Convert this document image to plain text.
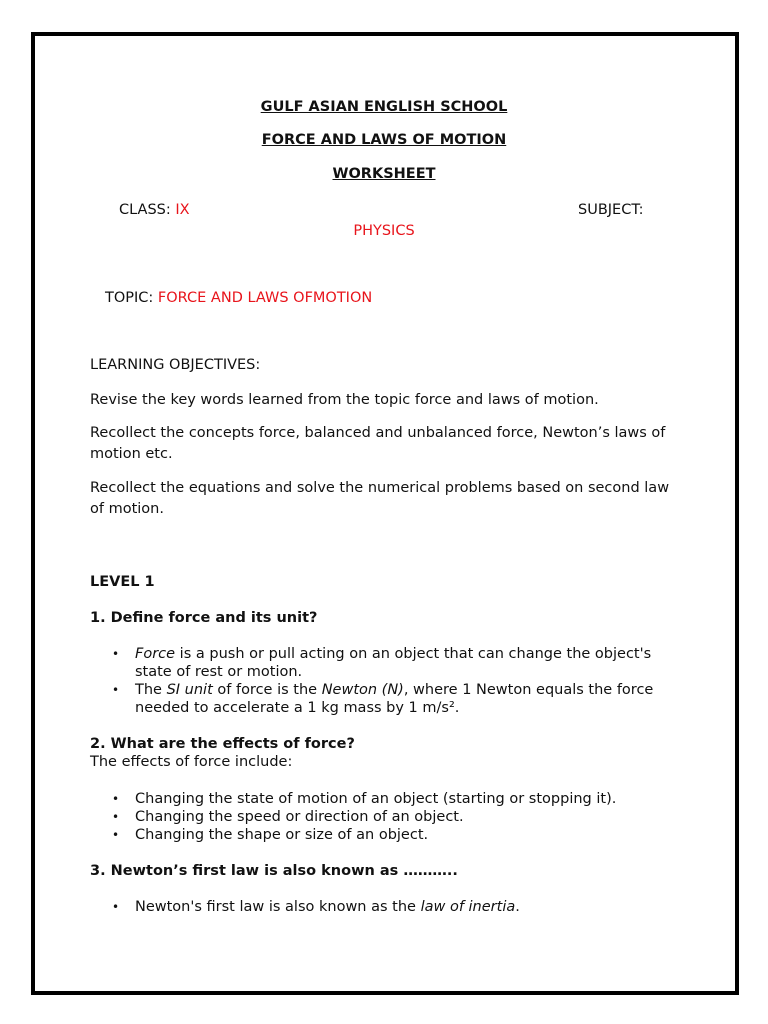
GULF ASIAN ENGLISH SCHOOL
FORCE AND LAWS OF MOTION
WORKSHEET
CLASS: IX	SUBJECT:
PHYSICS
TOPIC: FORCE AND LAWS OFMOTION
LEARNING OBJECTIVES:
Revise the key words learned from the topic force and laws of motion.
Recollect the concepts force, balanced and unbalanced force, Newton’s laws of motion etc.
Recollect the equations and solve the numerical problems based on second law of motion.
LEVEL 1
1. Define force and its unit?
• Force is a push or pull acting on an object that can change the object's state of rest or motion.
• The SI unit of force is the Newton (N), where 1 Newton equals the force needed to accelerate a 1 kg mass by 1 m/s².
2. What are the effects of force?
The effects of force include:
• Changing the state of motion of an object (starting or stopping it).
• Changing the speed or direction of an object.
• Changing the shape or size of an object.
3. Newton’s first law is also known as ………..
• Newton's first law is also known as the law of inertia.
